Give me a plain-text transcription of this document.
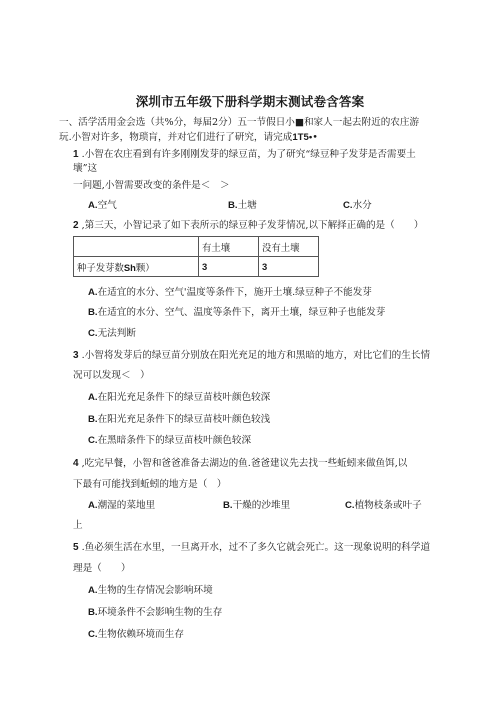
深圳市五年级下册科学期末测试卷含答案
一、活学活用金会选（共%分，每届2分）五一节假日小■和家人一起去附近的农庄游
玩.小智对许多，物琐肓，并对它们进行了研究，请完成1T5••
1 .小智在农庄看到有许多刚刚发芽的绿豆苗，为了研究“绿豆种子发芽是否需要土
壤”这
一问题,小智需要改变的条件是＜　＞
A.空气	B.土塘	C.水分
2 ,第三天，小智记录了如下表所示的绿豆种子发芽情况,以下解择正确的是（　　）
	有土壤	没有土壤
种子发芽数Sh颗）	3	3
A.在适宜的水分、空气'温度等条件下，施开土壤.绿豆种子不能发芽
B.在适宜的水分、空气、温度等条件下，离开土壤，绿豆种子也能发芽
C.无法判断
3 .小智将发芽后的绿豆苗分别放在阳光充足的地方和黑暗的地方，对比它们的生长情
况可以发现＜　）
A.在阳光充足条件下的绿豆苗枝叶颜色较深
B.在阳光充足条件下的绿豆苗枝叶颜色较浅
C.在黑暗条件下的绿豆苗枝叶颜色较深
4 ,吃完早餐，小智和爸爸准备去湖边的鱼.爸爸建议先去找一些蚯蚓来做鱼饵,以
下最有可能找到蚯蚓的地方是（　）
A.潮湿的菜地里	B.干燥的沙堆里	C.植物枝条或叶子
上
5 .鱼必须生活在水里，一旦离开水，过不了多久它就会死亡。这一现象说明的科学道
理是（　　）
A.生物的生存情况会影响环境
B.环境条件不会影响生物的生存
C.生物依赖环境而生存
